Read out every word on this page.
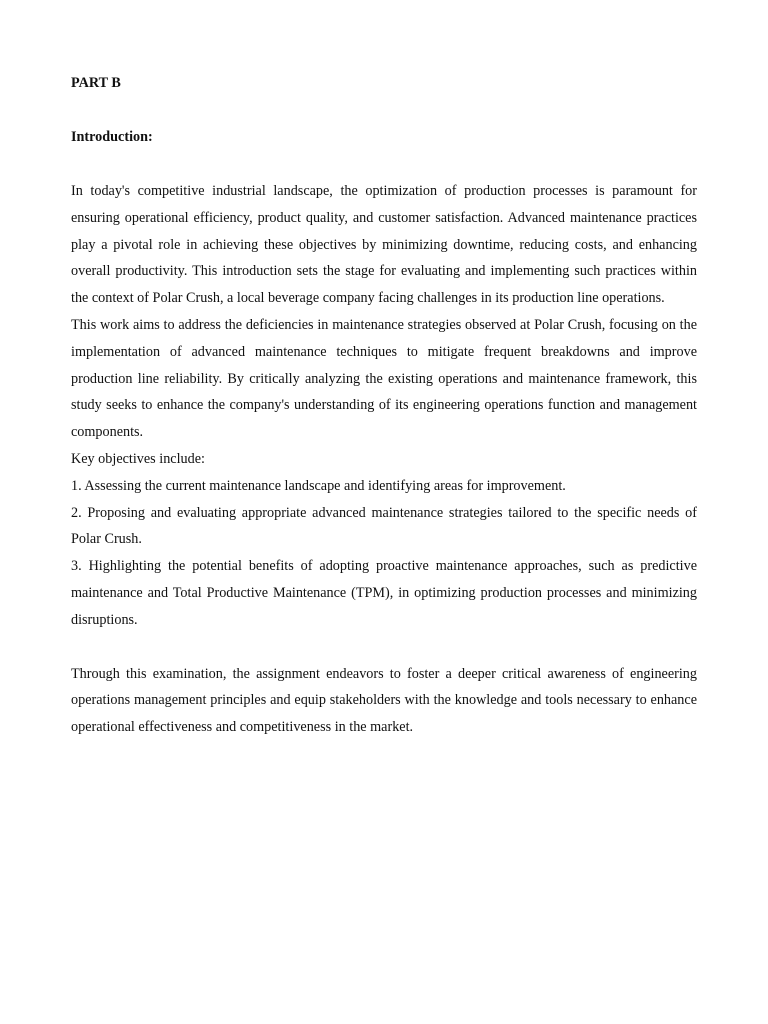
PART B

Introduction:

In today's competitive industrial landscape, the optimization of production processes is paramount for ensuring operational efficiency, product quality, and customer satisfaction. Advanced maintenance practices play a pivotal role in achieving these objectives by minimizing downtime, reducing costs, and enhancing overall productivity. This introduction sets the stage for evaluating and implementing such practices within the context of Polar Crush, a local beverage company facing challenges in its production line operations.

This work aims to address the deficiencies in maintenance strategies observed at Polar Crush, focusing on the implementation of advanced maintenance techniques to mitigate frequent breakdowns and improve production line reliability. By critically analyzing the existing operations and maintenance framework, this study seeks to enhance the company's understanding of its engineering operations function and management components.

Key objectives include:

1. Assessing the current maintenance landscape and identifying areas for improvement.

2. Proposing and evaluating appropriate advanced maintenance strategies tailored to the specific needs of Polar Crush.

3. Highlighting the potential benefits of adopting proactive maintenance approaches, such as predictive maintenance and Total Productive Maintenance (TPM), in optimizing production processes and minimizing disruptions.

Through this examination, the assignment endeavors to foster a deeper critical awareness of engineering operations management principles and equip stakeholders with the knowledge and tools necessary to enhance operational effectiveness and competitiveness in the market.
